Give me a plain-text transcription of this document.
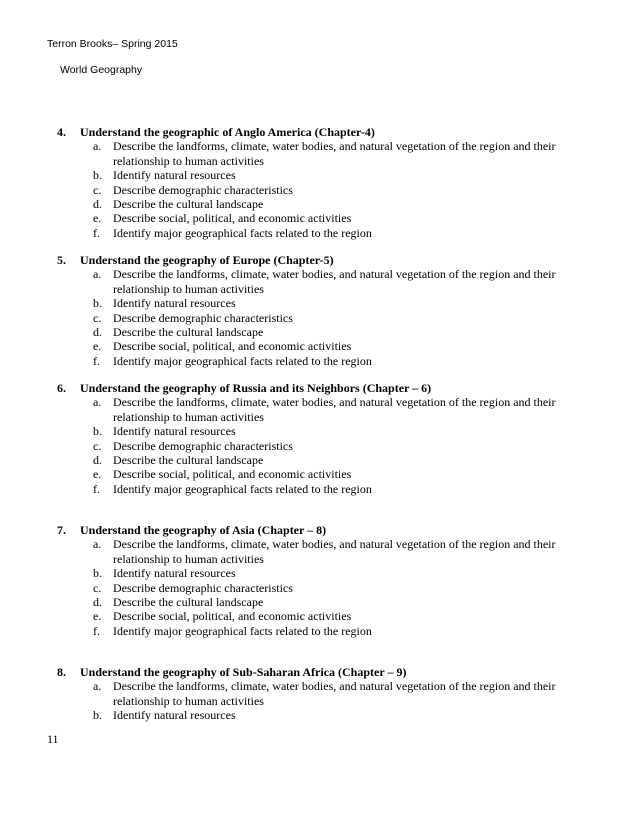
Terron Brooks– Spring 2015
World Geography
4. Understand the geographic of Anglo America (Chapter-4)
a. Describe the landforms, climate, water bodies, and natural vegetation of the region and their relationship to human activities
b. Identify natural resources
c. Describe demographic characteristics
d. Describe the cultural landscape
e. Describe social, political, and economic activities
f. Identify major geographical facts related to the region
5. Understand the geography of Europe (Chapter-5)
a. Describe the landforms, climate, water bodies, and natural vegetation of the region and their relationship to human activities
b. Identify natural resources
c. Describe demographic characteristics
d. Describe the cultural landscape
e. Describe social, political, and economic activities
f. Identify major geographical facts related to the region
6. Understand the geography of Russia and its Neighbors (Chapter – 6)
a. Describe the landforms, climate, water bodies, and natural vegetation of the region and their relationship to human activities
b. Identify natural resources
c. Describe demographic characteristics
d. Describe the cultural landscape
e. Describe social, political, and economic activities
f. Identify major geographical facts related to the region
7. Understand the geography of Asia (Chapter – 8)
a. Describe the landforms, climate, water bodies, and natural vegetation of the region and their relationship to human activities
b. Identify natural resources
c. Describe demographic characteristics
d. Describe the cultural landscape
e. Describe social, political, and economic activities
f. Identify major geographical facts related to the region
8. Understand the geography of Sub-Saharan Africa (Chapter – 9)
a. Describe the landforms, climate, water bodies, and natural vegetation of the region and their relationship to human activities
b. Identify natural resources
11
